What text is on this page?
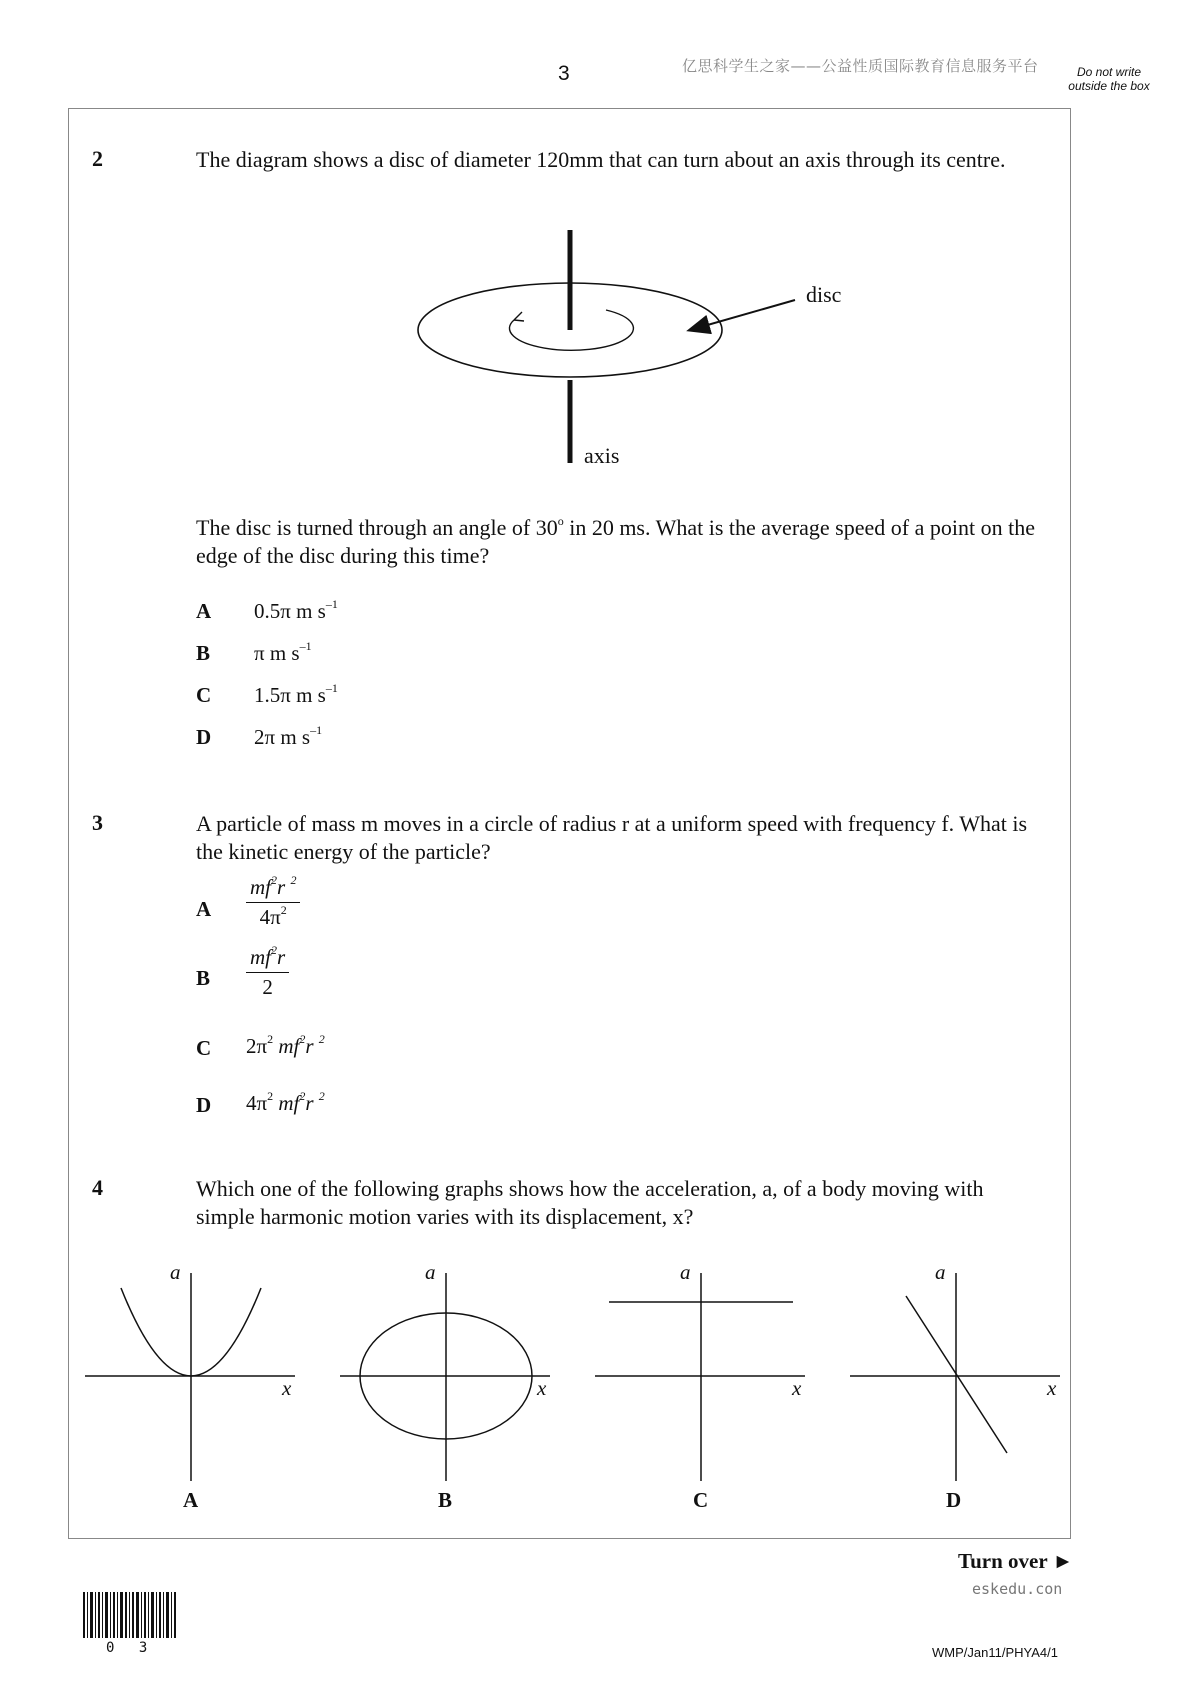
3	亿思科学生之家——公益性质国际教育信息服务平台	Do not write outside the box
2	The diagram shows a disc of diameter 120mm that can turn about an axis through its centre.
disc
axis
The disc is turned through an angle of 30$^o$ in 20 ms. What is the average speed of a point on the edge of the disc during this time?
A 0.5π m $s^{-1}$
B π m $s^{-1}$
C 1.5π m $s^{-1}$
D 2π m $s^{-1}$
3	A particle of mass m moves in a circle of radius r at a uniform speed with frequency f. What is the kinetic energy of the particle?
A $\frac{mf^2r ^2}{4\pi^2}$
B $\frac{mf^2r}{2}$
C $2\pi^2$ $mf^2r$ $^2$
D $4\pi^2$ $mf^2r$ $^2$
4	Which one of the following graphs shows how the acceleration, a, of a body moving with simple harmonic motion varies with its displacement, x?
a
x
A
a
x
B
a
x
C
a
x
D
Turn over ►
eskedu.con
0 3	WMP/Jan11/PHYA4/1
